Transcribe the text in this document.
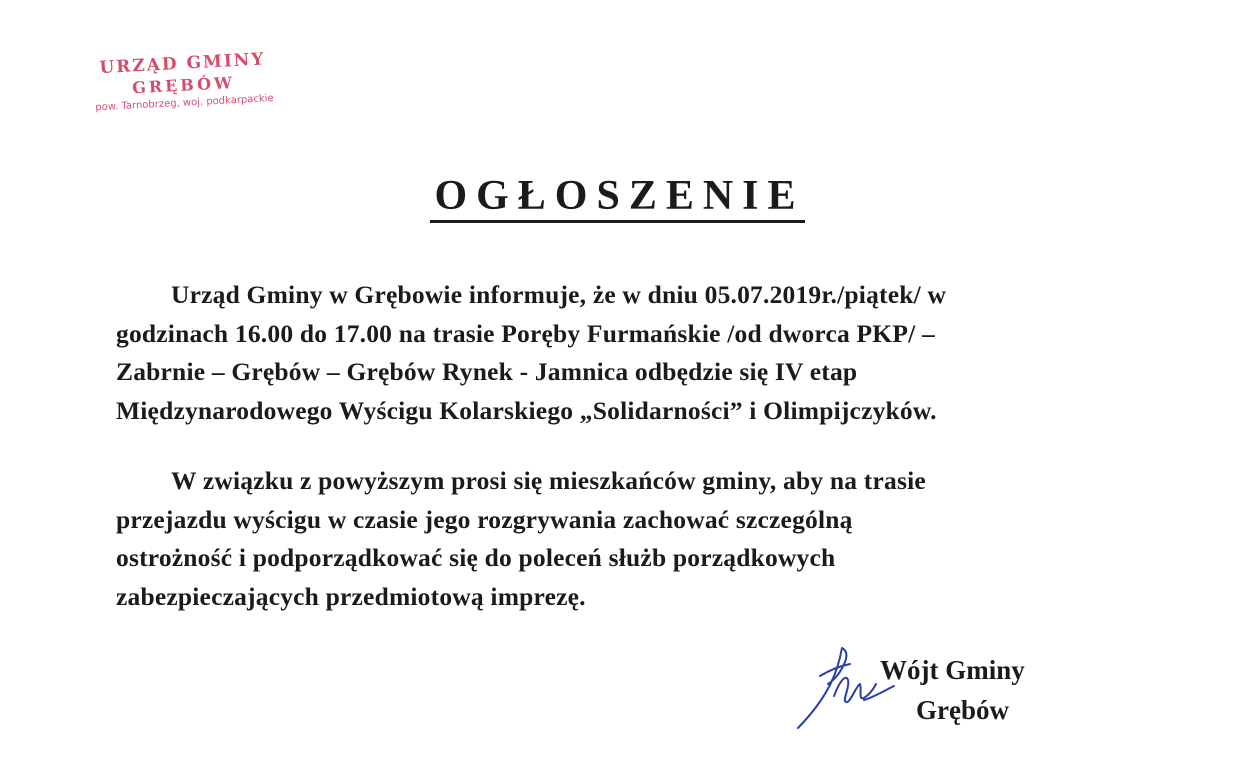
URZĄD GMINY
GRĘBÓW
pow. Tarnobrzeg, woj. podkarpackie
OGŁOSZENIE

Urząd Gminy w Grębowie informuje, że w dniu 05.07.2019r./piątek/ w
godzinach 16.00 do 17.00 na trasie Poręby Furmańskie /od dworca PKP/ –
Zabrnie – Grębów – Grębów Rynek - Jamnica odbędzie się IV etap
Międzynarodowego Wyścigu Kolarskiego „Solidarności” i Olimpijczyków.

W związku z powyższym prosi się mieszkańców gminy, aby na trasie
przejazdu wyścigu w czasie jego rozgrywania zachować szczególną
ostrożność i podporządkować się do poleceń służb porządkowych
zabezpieczających przedmiotową imprezę.

Wójt Gminy
Grębów
